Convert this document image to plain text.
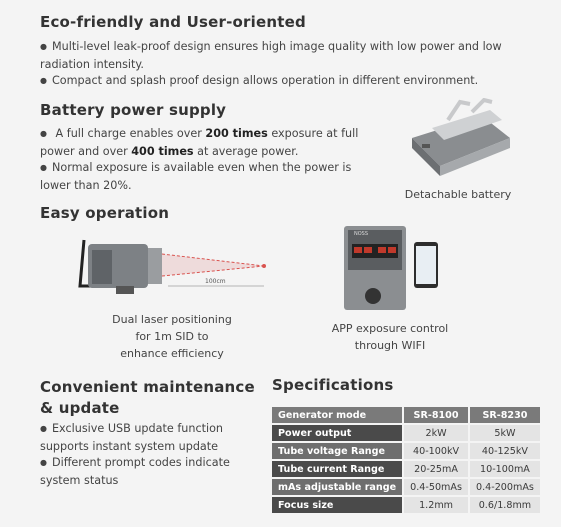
Eco-friendly and User-oriented
● Multi-level leak-proof design ensures high image quality with low power and low radiation intensity.
● Compact and splash proof design allows operation in different environment.
Battery power supply
● A full charge enables over 200 times exposure at full power and over 400 times at average power.
● Normal exposure is available even when the power is lower than 20%.
Detachable battery
Easy operation
100cm
Dual laser positioning
for 1m SID to
enhance efficiency
NOSS
APP exposure control
through WIFI
Convenient maintenance
& update
● Exclusive USB update function supports instant system update
● Different prompt codes indicate system status
Specifications
Generator mode	SR-8100	SR-8230
Power output	2kW	5kW
Tube voltage Range	40-100kV	40-125kV
Tube current Range	20-25mA	10-100mA
mAs adjustable range	0.4-50mAs	0.4-200mAs
Focus size	1.2mm	0.6/1.8mm
